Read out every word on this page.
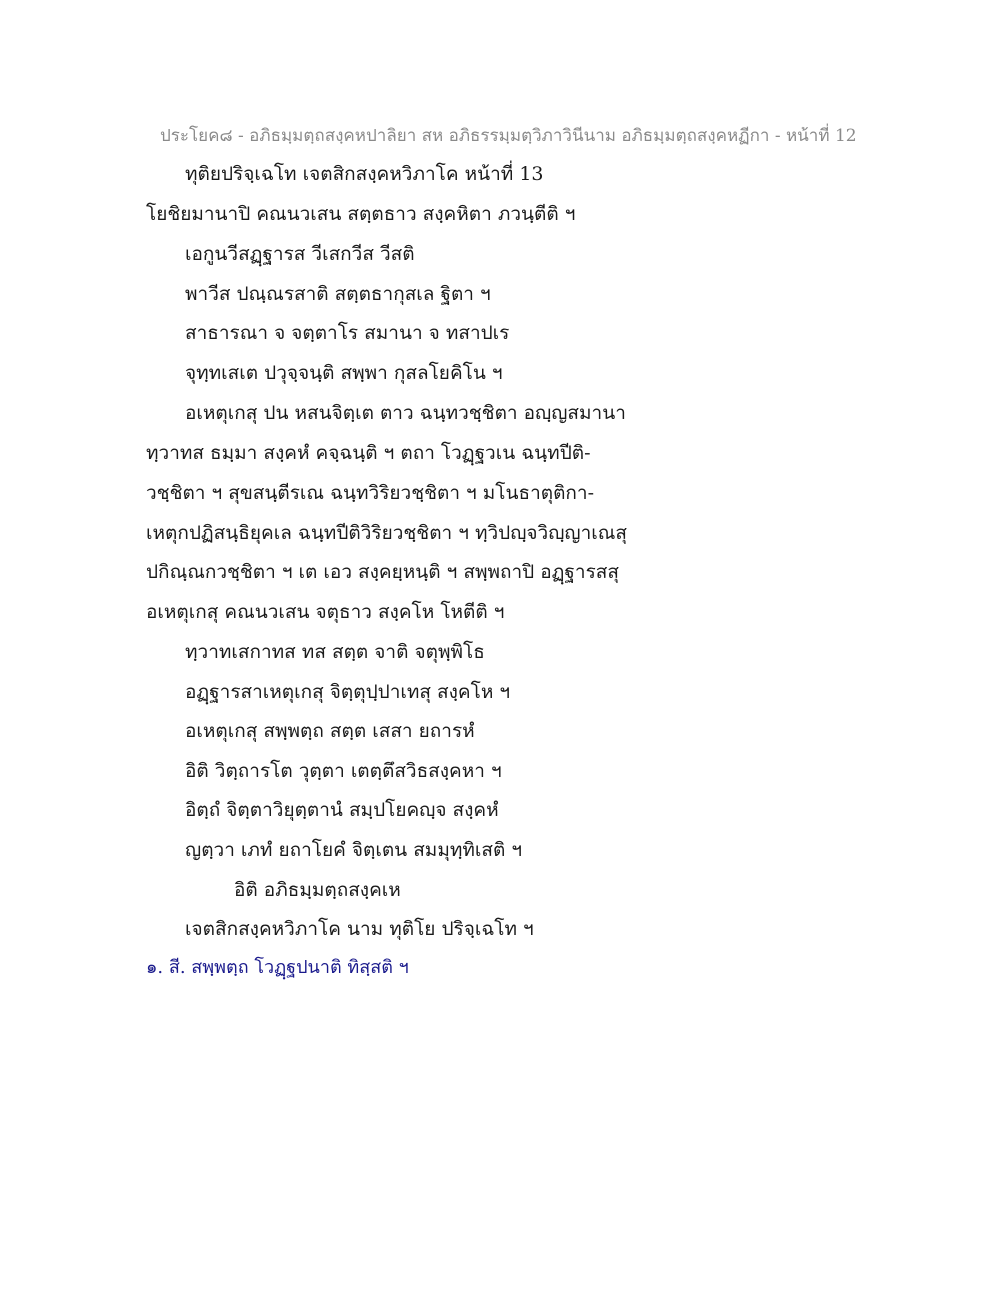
ประโยค๘ - อภิธมฺมตฺถสงฺคหปาลิยา สห อภิธรรมฺมตฺวิภาวินีนาม อภิธมฺมตฺถสงฺคหฏีกา - หน้าที่ 12
ทุติยปริจฺเฉโท เจตสิกสงฺคหวิภาโค หน้าที่ 13
โยชิยมานาปิ คณนวเสน สตฺตธาว สงฺคหิตา ภวนฺตีติ ฯ
เอกูนวีสฏฺฐารส วีเสกวีส วีสติ
พาวีส ปณฺณรสาติ สตฺตธากุสเล ฐิตา ฯ
สาธารณา จ จตฺตาโร สมานา จ ทสาปเร
จุทฺทเสเต ปวุจฺจนฺติ สพฺพา กุสลโยคิโน ฯ
อเหตุเกสุ ปน หสนจิตฺเต ตาว ฉนฺทวชฺชิตา อญฺญสมานา
ทฺวาทส ธมฺมา สงฺคหํ คจฺฉนฺติ ฯ ตถา โวฏฺฐวเน ฉนฺทปีติ-
วชฺชิตา ฯ สุขสนฺตีรเณ ฉนฺทวิริยวชฺชิตา ฯ มโนธาตุติกา-
เหตุกปฏิสนฺธิยุคเล ฉนฺทปีติวิริยวชฺชิตา ฯ ทฺวิปญฺจวิญฺญาเณสุ
ปกิณฺณกวชฺชิตา ฯ เต เอว สงฺคยฺหนฺติ ฯ สพฺพถาปิ อฏฺฐารสสุ
อเหตุเกสุ คณนวเสน จตุธาว สงฺคโห โหตีติ ฯ
ทฺวาทเสกาทส ทส สตฺต จาติ จตุพฺพิโธ
อฏฺฐารสาเหตุเกสุ จิตฺตุปฺปาเทสุ สงฺคโห ฯ
อเหตุเกสุ สพฺพตฺถ สตฺต เสสา ยถารหํ
อิติ วิตฺถารโต วุตฺตา เตตฺตึสวิธสงฺคหา ฯ
อิตฺถํ จิตฺตาวิยุตฺตานํ สมฺปโยคญฺจ สงฺคหํ
ญตฺวา เภทํ ยถาโยคํ จิตฺเตน สมมุทฺทิเสติ ฯ
อิติ อภิธมฺมตฺถสงฺคเห
เจตสิกสงฺคหวิภาโค นาม ทุติโย ปริจฺเฉโท ฯ
๑. สี. สพฺพตฺถ โวฏฺฐปนาติ ทิสฺสติ ฯ
